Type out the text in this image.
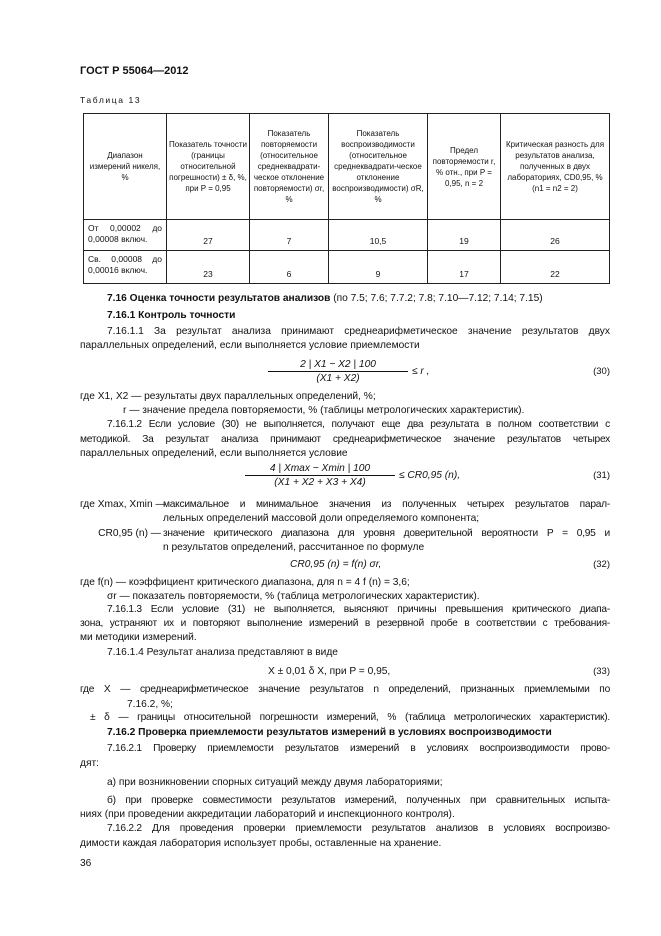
ГОСТ Р 55064—2012
Таблица 13
Диапазон измерений никеля, %	Показатель точности (границы относительной погрешности) ± δ, %, при P = 0,95	Показатель повторяемости (относительное среднеквадрати-ческое отклонение повторяемости) σr, %	Показатель воспроизводимости (относительное среднеквадрати-ческое отклонение воспроизводимости) σR, %	Предел повторяемости r, % отн., при P = 0,95, n = 2	Критическая разность для результатов анализа, полученных в двух лабораториях, CD0,95, % (n1 = n2 = 2)
От 0,00002 до 0,00008 включ.	27	7	10,5	19	26
Св. 0,00008 до 0,00016 включ.	23	6	9	17	22
7.16 Оценка точности результатов анализов (по 7.5; 7.6; 7.7.2; 7.8; 7.10—7.12; 7.14; 7.15)
7.16.1 Контроль точности
7.16.1.1 За результат анализа принимают среднеарифметическое значение результатов двух
параллельных определений, если выполняется условие приемлемости
$\frac{2 | X1 - X2 | 100}{(X1 + X2)} \le r$ ,	(30)
где X1, X2 — результаты двух параллельных определений, %;
r — значение предела повторяемости, % (таблицы метрологических характеристик).
7.16.1.2 Если условие (30) не выполняется, получают еще два результата в полном соответствии с
методикой. За результат анализа принимают среднеарифметическое значение результатов четырех
параллельных определений, если выполняется условие
4 | Xmax − Xmin | 100
(X1 + X2 + X3 + X4)
≤ CR0,95 (n),	(31)
где Xmax, Xmin —
максимальное и минимальное значения из полученных четырех результатов парал-
лельных определений массовой доли определяемого компонента;
CR0,95 (n) — значение критического диапазона для уровня доверительной вероятности P = 0,95 и
n результатов определений, рассчитанное по формуле
CR0,95 (n) = f(n) σr,	(32)
где f(n) — коэффициент критического диапазона, для n = 4 f (n) = 3,6;
σr — показатель повторяемости, % (таблица метрологических характеристик).
7.16.1.3 Если условие (31) не выполняется, выясняют причины превышения критического диапа-
зона, устраняют их и повторяют выполнение измерений в резервной пробе в соответствии с требования-
ми методики измерений.
7.16.1.4 Результат анализа представляют в виде
X ± 0,01 δ X, при P = 0,95,	(33)
где X — среднеарифметическое значение результатов n определений, признанных приемлемыми по
7.16.2, %;
± δ — границы относительной погрешности измерений, % (таблица метрологических характеристик).
7.16.2 Проверка приемлемости результатов измерений в условиях воспроизводимости
7.16.2.1 Проверку приемлемости результатов измерений в условиях воспроизводимости прово-
дят:
а) при возникновении спорных ситуаций между двумя лабораториями;
б) при проверке совместимости результатов измерений, полученных при сравнительных испыта-
ниях (при проведении аккредитации лабораторий и инспекционного контроля).
7.16.2.2 Для проведения проверки приемлемости результатов анализов в условиях воспроизво-
димости каждая лаборатория использует пробы, оставленные на хранение.
36
